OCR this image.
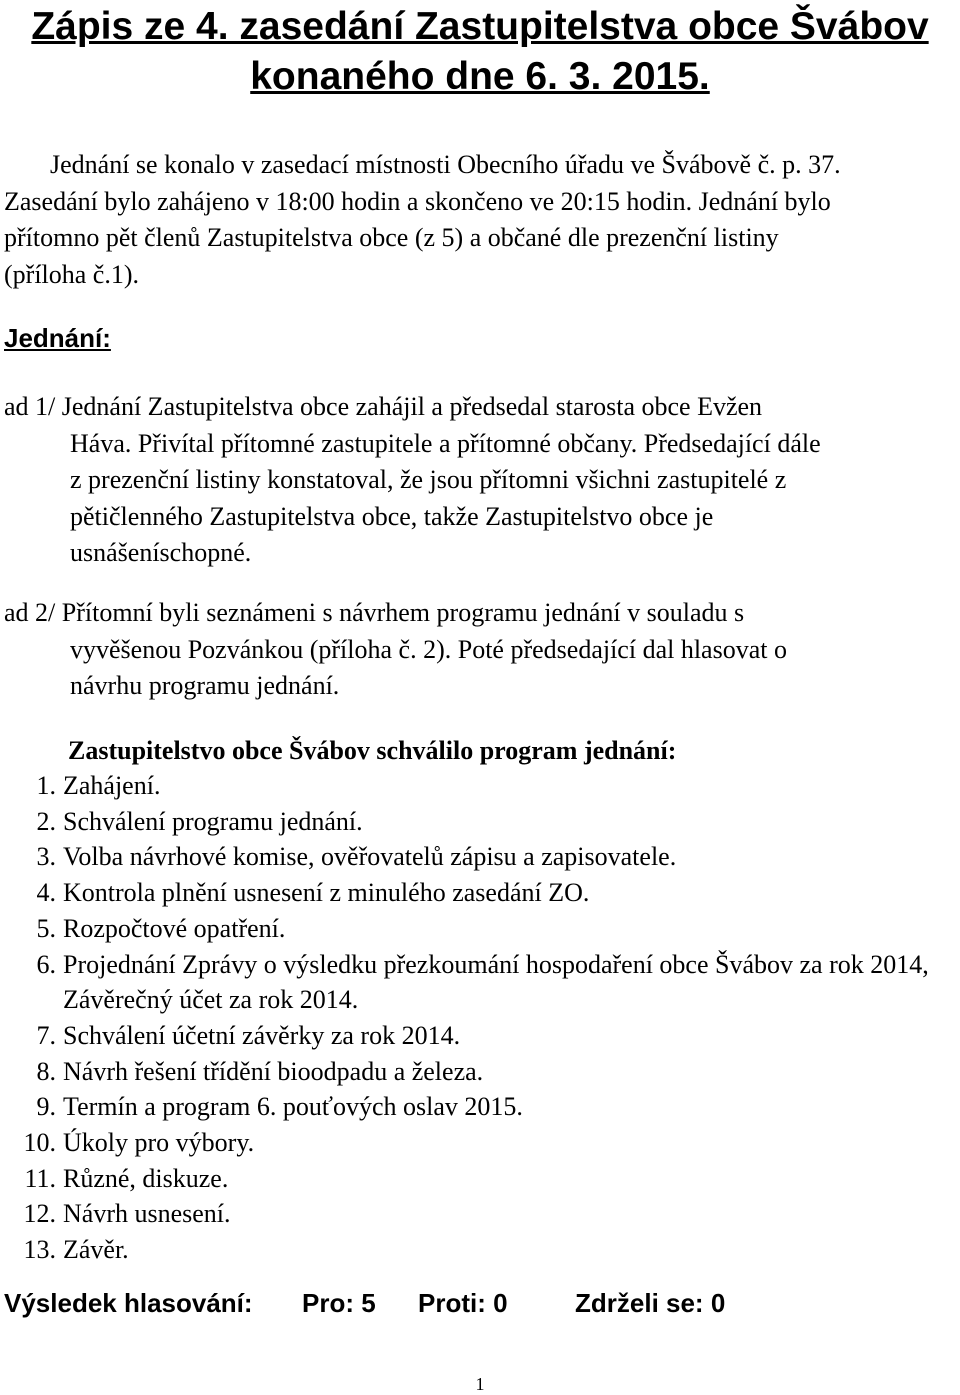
Zápis ze 4. zasedání Zastupitelstva obce Švábov
konaného dne 6. 3. 2015.

Jednání se konalo v zasedací místnosti Obecního úřadu ve Švábově č. p. 37.
Zasedání bylo zahájeno v 18:00 hodin a skončeno ve 20:15 hodin. Jednání bylo
přítomno pět členů Zastupitelstva obce (z 5) a občané dle prezenční listiny
(příloha č.1).

Jednání:

ad 1/ Jednání Zastupitelstva obce zahájil a předsedal starosta obce Evžen
Háva. Přivítal přítomné zastupitele a přítomné občany. Předsedající dále
z prezenční listiny konstatoval, že jsou přítomni všichni zastupitelé z
pětičlenného Zastupitelstva obce, takže Zastupitelstvo obce je
usnášeníschopné.

ad 2/ Přítomní byli seznámeni s návrhem programu jednání v souladu s
vyvěšenou Pozvánkou (příloha č. 2). Poté předsedající dal hlasovat o
návrhu programu jednání.

Zastupitelstvo obce Švábov schválilo program jednání:

1. Zahájení.
2. Schválení programu jednání.
3. Volba návrhové komise, ověřovatelů zápisu a zapisovatele.
4. Kontrola plnění usnesení z minulého zasedání ZO.
5. Rozpočtové opatření.
6. Projednání Zprávy o výsledku přezkoumání hospodaření obce Švábov za rok 2014, Závěrečný účet za rok 2014.
7. Schválení účetní závěrky za rok 2014.
8. Návrh řešení třídění bioodpadu a železa.
9. Termín a program 6. pouťových oslav 2015.
10. Úkoly pro výbory.
11. Různé, diskuze.
12. Návrh usnesení.
13. Závěr.

Výsledek hlasování: Pro: 5 Proti: 0	Zdrželi se: 0

1
